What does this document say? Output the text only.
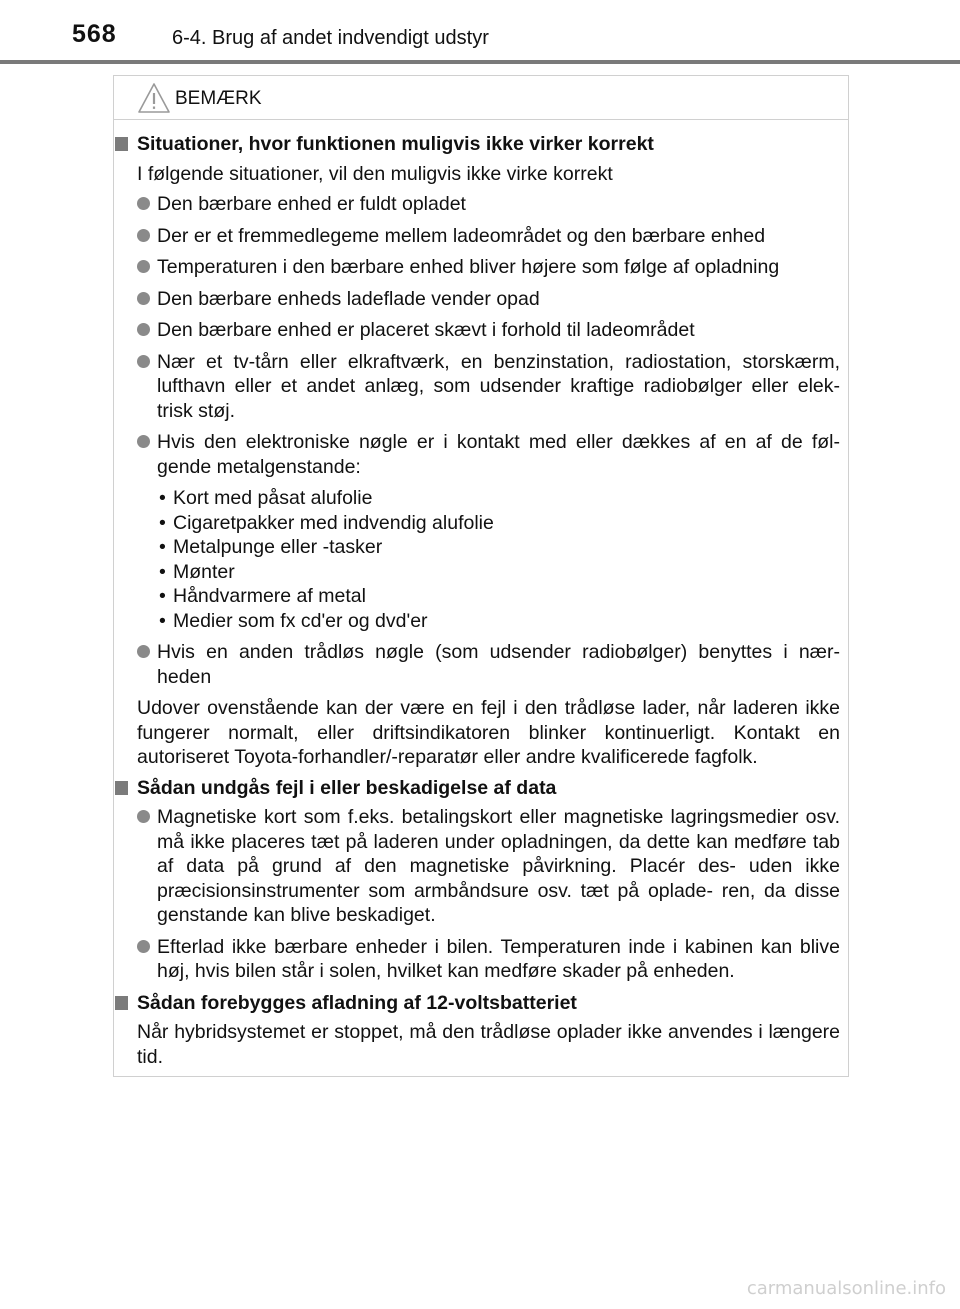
568	6-4. Brug af andet indvendigt udstyr
BEMÆRK
Situationer, hvor funktionen muligvis ikke virker korrekt
I følgende situationer, vil den muligvis ikke virke korrekt
Den bærbare enhed er fuldt opladet
Der er et fremmedlegeme mellem ladeområdet og den bærbare enhed
Temperaturen i den bærbare enhed bliver højere som følge af opladning
Den bærbare enheds ladeflade vender opad
Den bærbare enhed er placeret skævt i forhold til ladeområdet
Nær et tv-tårn eller elkraftværk, en benzinstation, radiostation, storskærm, lufthavn eller et andet anlæg, som udsender kraftige radiobølger eller elek- trisk støj.
Hvis den elektroniske nøgle er i kontakt med eller dækkes af en af de føl- gende metalgenstande:
• Kort med påsat alufolie
• Cigaretpakker med indvendig alufolie
• Metalpunge eller -tasker
• Mønter
• Håndvarmere af metal
• Medier som fx cd'er og dvd'er
Hvis en anden trådløs nøgle (som udsender radiobølger) benyttes i nær- heden
Udover ovenstående kan der være en fejl i den trådløse lader, når laderen ikke fungerer normalt, eller driftsindikatoren blinker kontinuerligt. Kontakt en autoriseret Toyota-forhandler/-reparatør eller andre kvalificerede fagfolk.
Sådan undgås fejl i eller beskadigelse af data
Magnetiske kort som f.eks. betalingskort eller magnetiske lagringsmedier osv. må ikke placeres tæt på laderen under opladningen, da dette kan medføre tab af data på grund af den magnetiske påvirkning. Placér des- uden ikke præcisionsinstrumenter som armbåndsure osv. tæt på oplade- ren, da disse genstande kan blive beskadiget.
Efterlad ikke bærbare enheder i bilen. Temperaturen inde i kabinen kan blive høj, hvis bilen står i solen, hvilket kan medføre skader på enheden.
Sådan forebygges afladning af 12-voltsbatteriet
Når hybridsystemet er stoppet, må den trådløse oplader ikke anvendes i længere tid.
carmanualsonline.info
